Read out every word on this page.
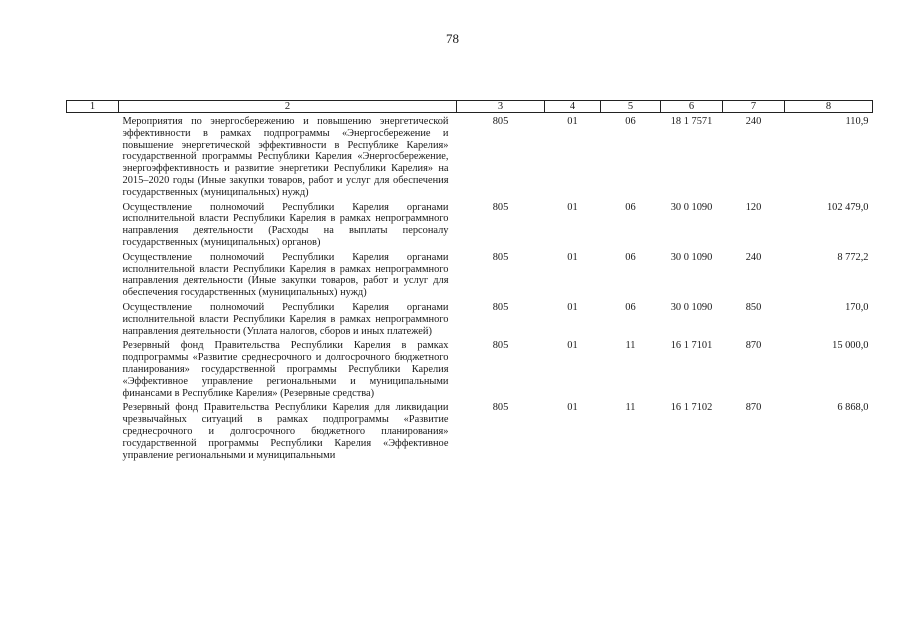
78
1	2	3	4	5	6	7	8
Мероприятия по энергосбережению и повышению энергетической эффективности в рамках подпрограммы «Энергосбережение и повышение энергетической эффективности в Республике Карелия» государственной программы Республики Карелия «Энергосбережение, энергоэффективность и развитие энергетики Республики Карелия» на 2015–2020 годы (Иные закупки товаров, работ и услуг для обеспечения государственных (муниципальных) нужд)		805	01	06	18 1 7571	240	110,9
Осуществление полномочий Республики Карелия органами исполнительной власти Республики Карелия в рамках непрограммного направления деятельности (Расходы на выплаты персоналу государственных (муниципальных) органов)		805	01	06	30 0 1090	120	102 479,0
Осуществление полномочий Республики Карелия органами исполнительной власти Республики Карелия в рамках непрограммного направления деятельности (Иные закупки товаров, работ и услуг для обеспечения государственных (муниципальных) нужд)		805	01	06	30 0 1090	240	8 772,2
Осуществление полномочий Республики Карелия органами исполнительной власти Республики Карелия в рамках непрограммного направления деятельности (Уплата налогов, сборов и иных платежей)		805	01	06	30 0 1090	850	170,0
Резервный фонд Правительства Республики Карелия в рамках подпрограммы «Развитие среднесрочного и долгосрочного бюджетного планирования» государственной программы Республики Карелия «Эффективное управление региональными и муниципальными финансами в Республике Карелия» (Резервные средства)		805	01	11	16 1 7101	870	15 000,0
Резервный фонд Правительства Республики Карелия для ликвидации чрезвычайных ситуаций в рамках подпрограммы «Развитие среднесрочного и долгосрочного бюджетного планирования» государственной программы Республики Карелия «Эффективное управление региональными и муниципальными		805	01	11	16 1 7102	870	6 868,0
